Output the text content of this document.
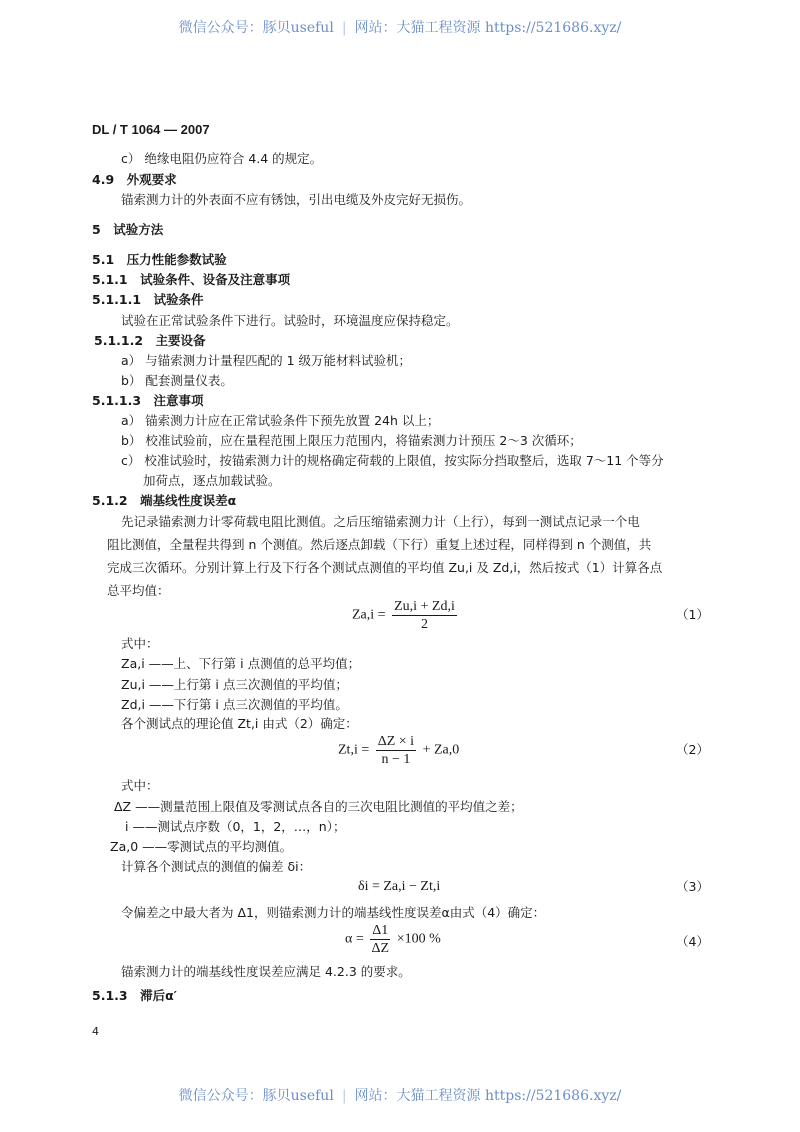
微信公众号：豚贝useful | 网站：大猫工程资源 https://521686.xyz/
DL / T 1064 — 2007
c） 绝缘电阻仍应符合 4.4 的规定。
4.9　外观要求
锚索测力计的外表面不应有锈蚀，引出电缆及外皮完好无损伤。
5　试验方法
5.1　压力性能参数试验
5.1.1　试验条件、设备及注意事项
5.1.1.1　试验条件
试验在正常试验条件下进行。试验时，环境温度应保持稳定。
5.1.1.2　主要设备
a） 与锚索测力计量程匹配的 1 级万能材料试验机；
b） 配套测量仪表。
5.1.1.3　注意事项
a） 锚索测力计应在正常试验条件下预先放置 24h 以上；
b） 校准试验前，应在量程范围上限压力范围内，将锚索测力计预压 2～3 次循环；
c） 校准试验时，按锚索测力计的规格确定荷载的上限值，按实际分挡取整后，选取 7～11 个等分
加荷点，逐点加载试验。
5.1.2　端基线性度误差α
先记录锚索测力计零荷载电阻比测值。之后压缩锚索测力计（上行），每到一测试点记录一个电
阻比测值，全量程共得到 n 个测值。然后逐点卸载（下行）重复上述过程，同样得到 n 个测值，共
完成三次循环。分别计算上行及下行各个测试点测值的平均值 Zu,i 及 Zd,i，然后按式（1）计算各点
总平均值：
$Za,i = \frac{Zu,i + Zd,i}{2}$	（1）
式中：
Za,i ——上、下行第 i 点测值的总平均值；
Zu,i ——上行第 i 点三次测值的平均值；
Zd,i ——下行第 i 点三次测值的平均值。
各个测试点的理论值 Zt,i 由式（2）确定：
$Zt,i = \frac{\Delta Z \times i}{n - 1} + Za,0$	（2）
式中：
ΔZ ——测量范围上限值及零测试点各自的三次电阻比测值的平均值之差；
i ——测试点序数（0，1，2，…，n）；
Za,0 ——零测试点的平均测值。
计算各个测试点的测值的偏差 δi：
δi = Za,i − Zt,i	（3）
令偏差之中最大者为 Δ1，则锚索测力计的端基线性度误差α由式（4）确定：
$\alpha = \frac{\Delta 1}{\Delta Z} \times 100$ %	（4）
锚索测力计的端基线性度误差应满足 4.2.3 的要求。
5.1.3　滞后α′
4
微信公众号：豚贝useful | 网站：大猫工程资源 https://521686.xyz/
